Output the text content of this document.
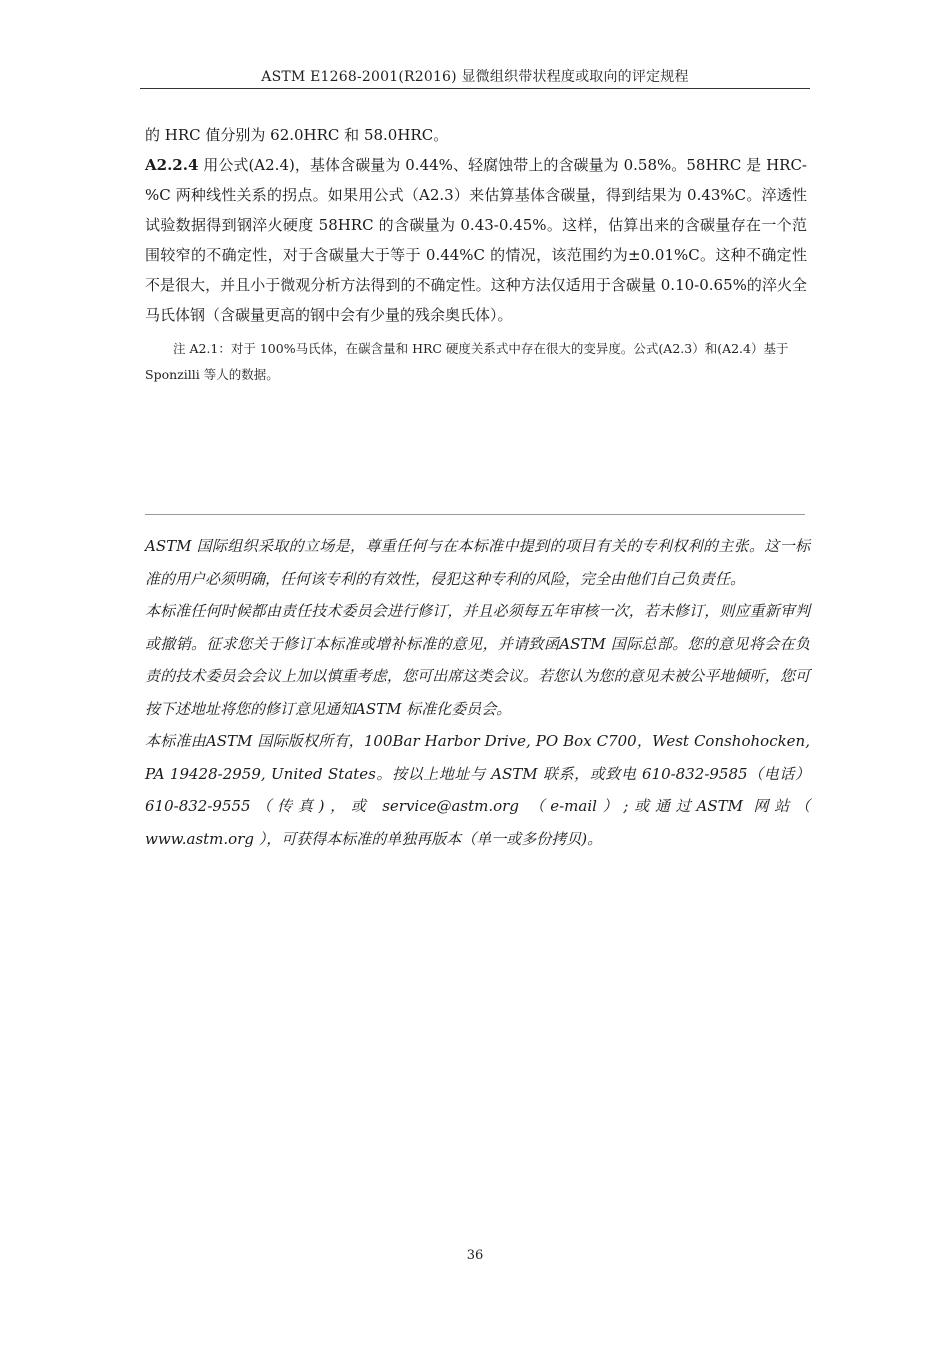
ASTM E1268-2001(R2016) 显微组织带状程度或取向的评定规程

的 HRC 值分别为 62.0HRC 和 58.0HRC。

A2.2.4 用公式(A2.4)，基体含碳量为 0.44%、轻腐蚀带上的含碳量为 0.58%。58HRC 是 HRC-%C 两种线性关系的拐点。如果用公式（A2.3）来估算基体含碳量，得到结果为 0.43%C。淬透性试验数据得到钢淬火硬度 58HRC 的含碳量为 0.43-0.45%。这样，估算出来的含碳量存在一个范围较窄的不确定性，对于含碳量大于等于 0.44%C 的情况，该范围约为±0.01%C。这种不确定性不是很大，并且小于微观分析方法得到的不确定性。这种方法仅适用于含碳量 0.10-0.65%的淬火全马氏体钢（含碳量更高的钢中会有少量的残余奥氏体）。

注 A2.1：对于 100%马氏体，在碳含量和 HRC 硬度关系式中存在很大的变异度。公式(A2.3）和(A2.4）基于 Sponzilli 等人的数据。

ASTM 国际组织采取的立场是，尊重任何与在本标准中提到的项目有关的专利权利的主张。这一标准的用户必须明确，任何该专利的有效性，侵犯这种专利的风险，完全由他们自己负责任。

本标准任何时候都由责任技术委员会进行修订，并且必须每五年审核一次，若未修订，则应重新审判或撤销。征求您关于修订本标准或增补标准的意见，并请致函ASTM 国际总部。您的意见将会在负责的技术委员会会议上加以慎重考虑，您可出席这类会议。若您认为您的意见未被公平地倾听，您可按下述地址将您的修订意见通知ASTM 标准化委员会。

本标准由ASTM 国际版权所有，100Bar Harbor Drive, PO Box C700，West Conshohocken, PA 19428-2959, United States。按以上地址与 ASTM 联系，或致电 610-832-9585（电话）610-832-9555（传真)，或 service@astm.org （e-mail）;或通过ASTM 网站（ www.astm.org ），可获得本标准的单独再版本（单一或多份拷贝)。

36
